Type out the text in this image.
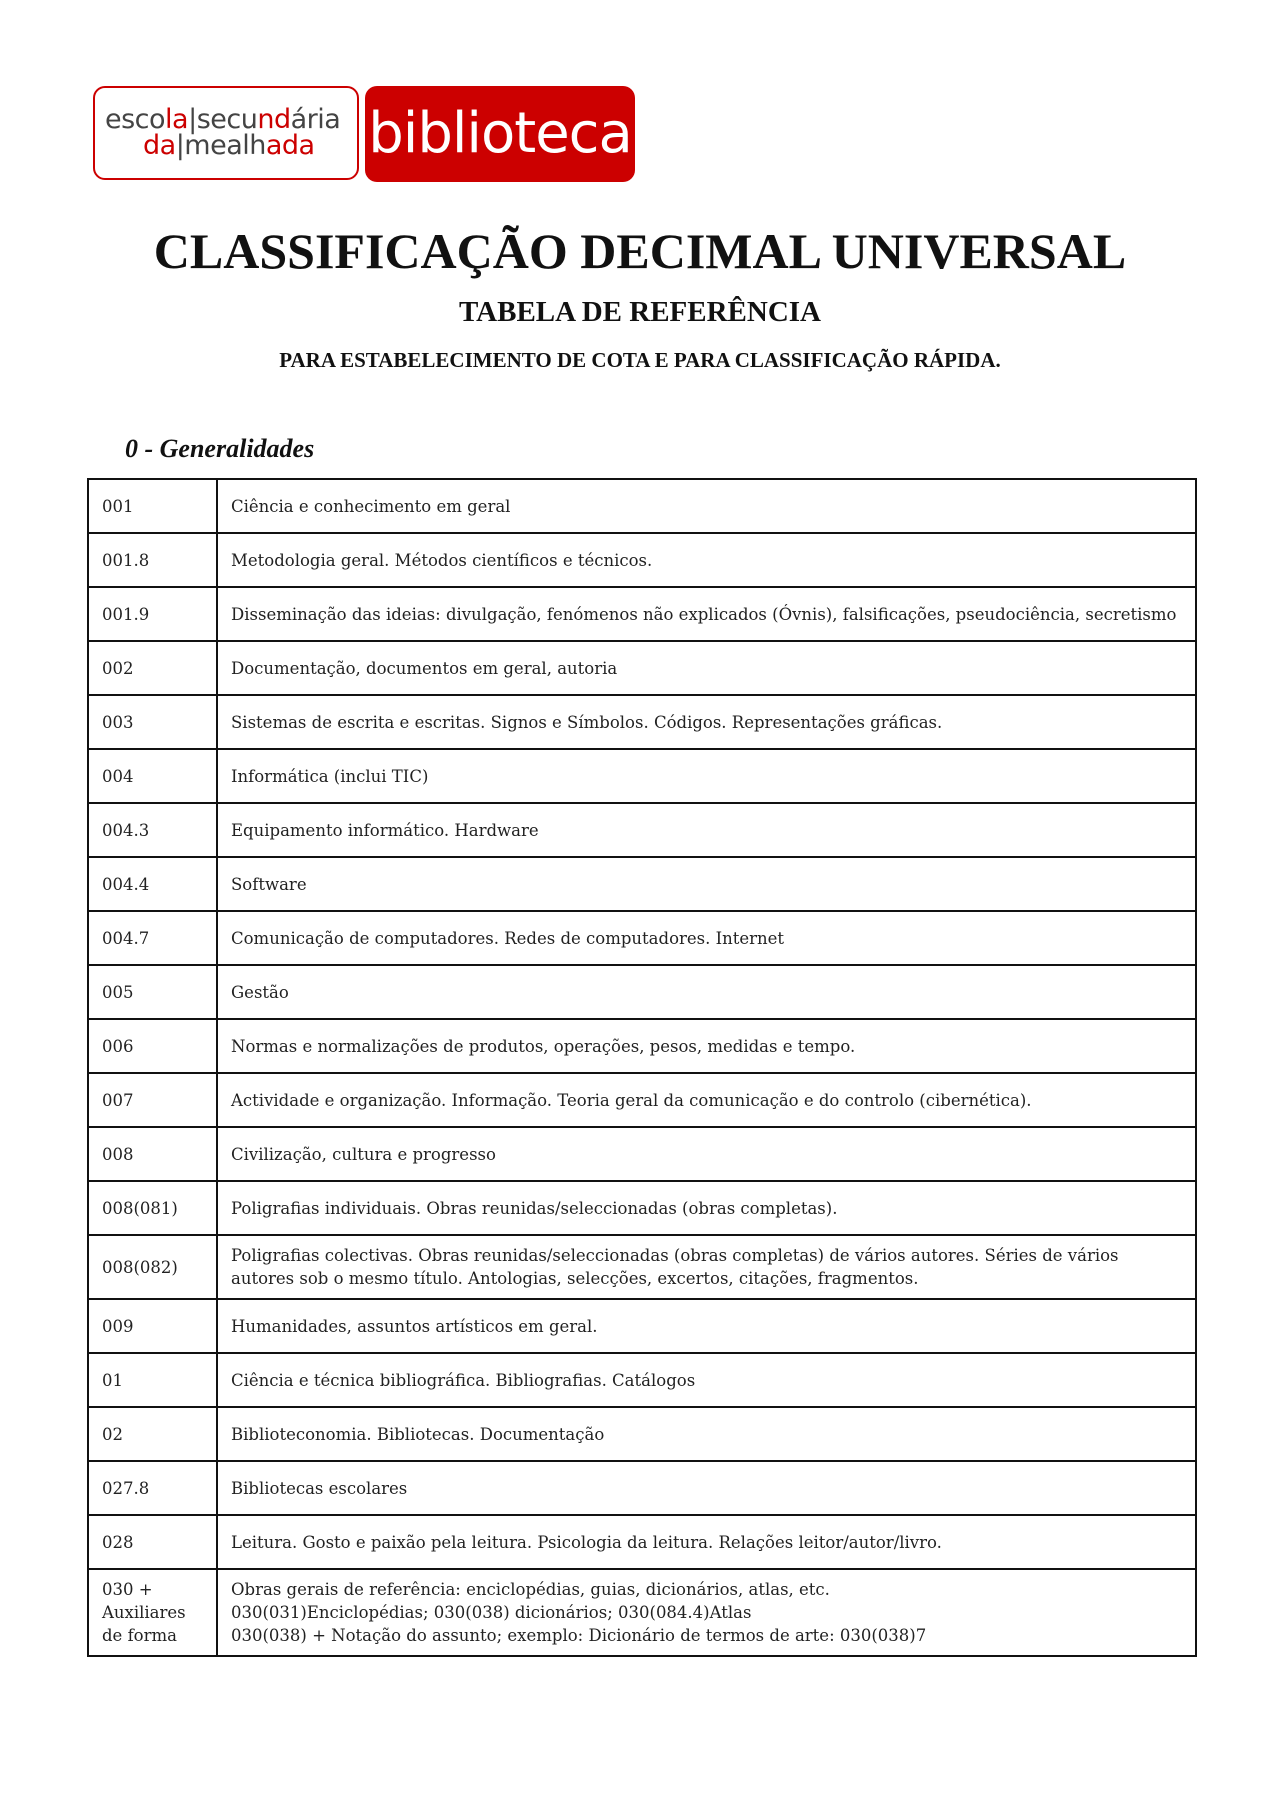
escola|secundária
da|mealhada biblioteca
CLASSIFICAÇÃO DECIMAL UNIVERSAL
TABELA DE REFERÊNCIA
PARA ESTABELECIMENTO DE COTA E PARA CLASSIFICAÇÃO RÁPIDA.
0 - Generalidades
001	Ciência e conhecimento em geral

001.8	Metodologia geral. Métodos científicos e técnicos.

001.9	Disseminação das ideias: divulgação, fenómenos não explicados (Óvnis), falsificações, pseudociência, secretismo

002	Documentação, documentos em geral, autoria

003	Sistemas de escrita e escritas. Signos e Símbolos. Códigos. Representações gráficas.

004	Informática (inclui TIC)

004.3	Equipamento informático. Hardware

004.4	Software

004.7	Comunicação de computadores. Redes de computadores. Internet

005	Gestão

006	Normas e normalizações de produtos, operações, pesos, medidas e tempo.

007	Actividade e organização. Informação. Teoria geral da comunicação e do controlo (cibernética).

008	Civilização, cultura e progresso

008(081)	Poligrafias individuais. Obras reunidas/seleccionadas (obras completas).

008(082)	Poligrafias colectivas. Obras reunidas/seleccionadas (obras completas) de vários autores. Séries de vários autores sob o mesmo título. Antologias, selecções, excertos, citações, fragmentos.

009	Humanidades, assuntos artísticos em geral.

01	Ciência e técnica bibliográfica. Bibliografias. Catálogos

02	Biblioteconomia. Bibliotecas. Documentação

027.8	Bibliotecas escolares

028	Leitura. Gosto e paixão pela leitura. Psicologia da leitura. Relações leitor/autor/livro.

030 + Auxiliares de forma	Obras gerais de referência: enciclopédias, guias, dicionários, atlas, etc.
030(031)Enciclopédias; 030(038) dicionários; 030(084.4)Atlas
030(038) + Notação do assunto; exemplo: Dicionário de termos de arte: 030(038)7
